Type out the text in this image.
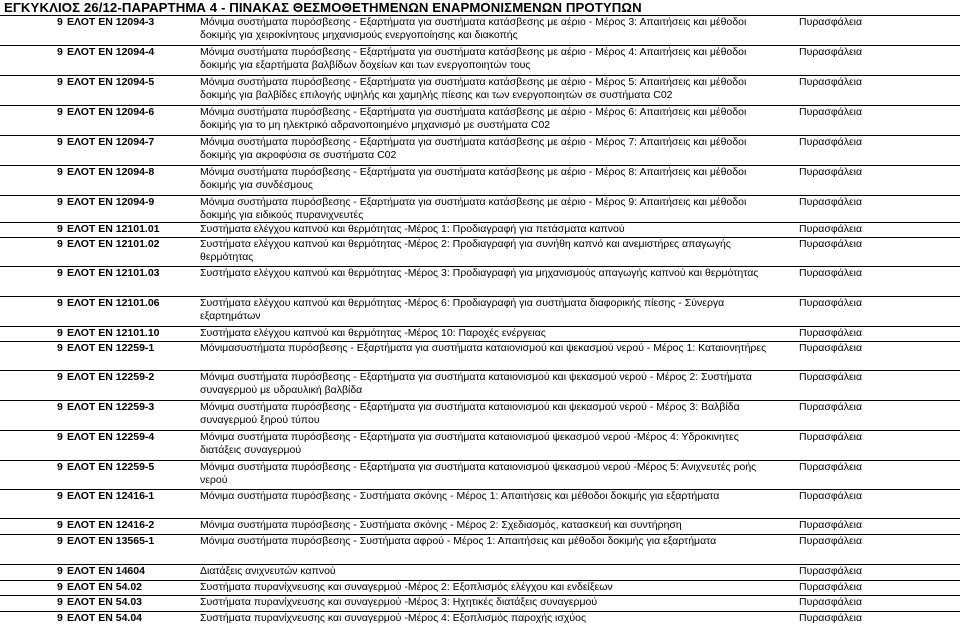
ΕΓΚΥΚΛΙΟΣ 26/12-ΠΑΡΑΡΤΗΜΑ 4 - ΠΙΝΑΚΑΣ ΘΕΣΜΟΘΕΤΗΜΕΝΩΝ ΕΝΑΡΜΟΝΙΣΜΕΝΩΝ ΠΡΟΤΥΠΩΝ
9 ΕΛΟΤ ΕΝ 12094-3	Μόνιμα συστήματα πυρόσβεσης - Εξαρτήματα για συστήματα κατάσβεσης με αέριο - Μέρος 3: Απαιτήσεις και μέθοδοι
δοκιμής για χειροκίνητους μηχανισμούς ενεργοποίησης και διακοπής
Πυρασφάλεια
9 ΕΛΟΤ ΕΝ 12094-4	Μόνιμα συστήματα πυρόσβεσης - Εξαρτήματα για συστήματα κατάσβεσης με αέριο - Μέρος 4: Απαιτήσεις και μέθοδοι
δοκιμής για εξαρτήματα βαλβίδων δοχείων και των ενεργοποιητών τους
Πυρασφάλεια
9 ΕΛΟΤ ΕΝ 12094-5	Μόνιμα συστήματα πυρόσβεσης - Εξαρτήματα για συστήματα κατάσβεσης με αέριο - Μέρος 5: Απαιτήσεις και μέθοδοι
δοκιμής για βαλβίδες επιλογής υψηλής και χαμηλής πίεσης και των ενεργοποιητών σε συστήματα C02
Πυρασφάλεια
9 ΕΛΟΤ ΕΝ 12094-6	Μόνιμα συστήματα πυρόσβεσης - Εξαρτήματα για συστήματα κατάσβεσης με αέριο - Μέρος 6: Απαιτήσεις και μέθοδοι
δοκιμής για το μη ηλεκτρικό αδρανοποιημένο μηχανισμό με συστήματα C02
Πυρασφάλεια
9 ΕΛΟΤ ΕΝ 12094-7	Μόνιμα συστήματα πυρόσβεσης - Εξαρτήματα για συστήματα κατάσβεσης με αέριο - Μέρος 7: Απαιτήσεις και μέθοδοι
δοκιμής για ακροφύσια σε συστήματα C02
Πυρασφάλεια
9 ΕΛΟΤ ΕΝ 12094-8	Μόνιμα συστήματα πυρόσβεσης - Εξαρτήματα για συστήματα κατάσβεσης με αέριο - Μέρος 8: Απαιτήσεις και μέθοδοι
δοκιμής για συνδέσμους
Πυρασφάλεια
9 ΕΛΟΤ ΕΝ 12094-9	Μόνιμα συστήματα πυρόσβεσης - Εξαρτήματα για συστήματα κατάσβεσης με αέριο - Μέρος 9: Απαιτήσεις και μέθοδοι
δοκιμής για ειδικούς πυρανιχνευτές
Πυρασφάλεια
9 ΕΛΟΤ ΕΝ 12101.01	Συστήματα ελέγχου καπνού και θερμότητας -Μέρος 1: Προδιαγραφή για πετάσματα καπνού	Πυρασφάλεια
9 ΕΛΟΤ ΕΝ 12101.02	Συστήματα ελέγχου καπνού και θερμότητας -Μέρος 2: Προδιαγραφή για συνήθη καπνό και ανεμιστήρες απαγωγής
θερμότητας
Πυρασφάλεια
9 ΕΛΟΤ ΕΝ 12101.03	Συστήματα ελέγχου καπνού και θερμότητας -Μέρος 3: Προδιαγραφή για μηχανισμούς απαγωγής καπνού και θερμότητας	Πυρασφάλεια
9 ΕΛΟΤ ΕΝ 12101.06	Συστήματα ελέγχου καπνού και θερμότητας -Μέρος 6: Προδιαγραφή για συστήματα διαφορικής πίεσης - Σύνεργα
εξαρτημάτων
Πυρασφάλεια
9 ΕΛΟΤ ΕΝ 12101.10	Συστήματα ελέγχου καπνού και θερμότητας -Μέρος 10: Παροχές ενέργειας	Πυρασφάλεια
9 ΕΛΟΤ ΕΝ 12259-1	Μόνιμασυστήματα πυρόσβεσης - Εξαρτήματα για συστήματα καταιονισμού και ψεκασμού νερού - Μέρος 1: Καταιονητήρες	Πυρασφάλεια
9 ΕΛΟΤ ΕΝ 12259-2	Μόνιμα συστήματα πυρόσβεσης - Εξαρτήματα για συστήματα καταιονισμού και ψεκασμού νερού - Μέρος 2: Συστήματα
συναγερμού με υδραυλική βαλβίδα
Πυρασφάλεια
9 ΕΛΟΤ ΕΝ 12259-3	Μόνιμα συστήματα πυρόσβεσης - Εξαρτήματα για συστήματα καταιονισμού και ψεκασμού νερού - Μέρος 3: Βαλβίδα
συναγερμού ξηρού τύπου
Πυρασφάλεια
9 ΕΛΟΤ ΕΝ 12259-4	Μόνιμα συστήματα πυρόσβεσης - Εξαρτήματα για συστήματα καταιονισμού ψεκασμού νερού -Μέρος 4: Υδροκινητες
διατάξεις συναγερμού
Πυρασφάλεια
9 ΕΛΟΤ ΕΝ 12259-5	Μόνιμα συστήματα πυρόσβεσης - Εξαρτήματα για συστήματα καταιονισμού ψεκασμού νερού -Μέρος 5: Ανιχνευτές ροής
νερού
Πυρασφάλεια
9 ΕΛΟΤ ΕΝ 12416-1	Μόνιμα συστήματα πυρόσβεσης - Συστήματα σκόνης - Μέρος 1: Απαιτήσεις και μέθοδοι δοκιμής για εξαρτήματα	Πυρασφάλεια
9 ΕΛΟΤ ΕΝ 12416-2	Μόνιμα συστήματα πυρόσβεσης - Συστήματα σκόνης - Μέρος 2: Σχεδιασμός, κατασκευή και συντήρηση	Πυρασφάλεια
9 ΕΛΟΤ ΕΝ 13565-1	Μόνιμα συστήματα πυρόσβεσης - Συστήματα αφρού - Μέρος 1: Απαιτήσεις και μέθοδοι δοκιμής για εξαρτήματα	Πυρασφάλεια
9 ΕΛΟΤ ΕΝ 14604	Διατάξεις ανιχνευτών καπνού	Πυρασφάλεια
9 ΕΛΟΤ ΕΝ 54.02	Συστήματα πυρανίχνευσης και συναγερμού -Μέρος 2: Εξοπλισμός ελέγχου και ενδείξεων	Πυρασφάλεια
9 ΕΛΟΤ ΕΝ 54.03	Συστήματα πυρανίχνευσης και συναγερμού -Μέρος 3: Ηχητικές διατάξεις συναγερμού	Πυρασφάλεια
9 ΕΛΟΤ ΕΝ 54.04	Συστήματα πυρανίχνευσης και συναγερμού -Μέρος 4: Εξοπλισμός παροχής ισχύος	Πυρασφάλεια
